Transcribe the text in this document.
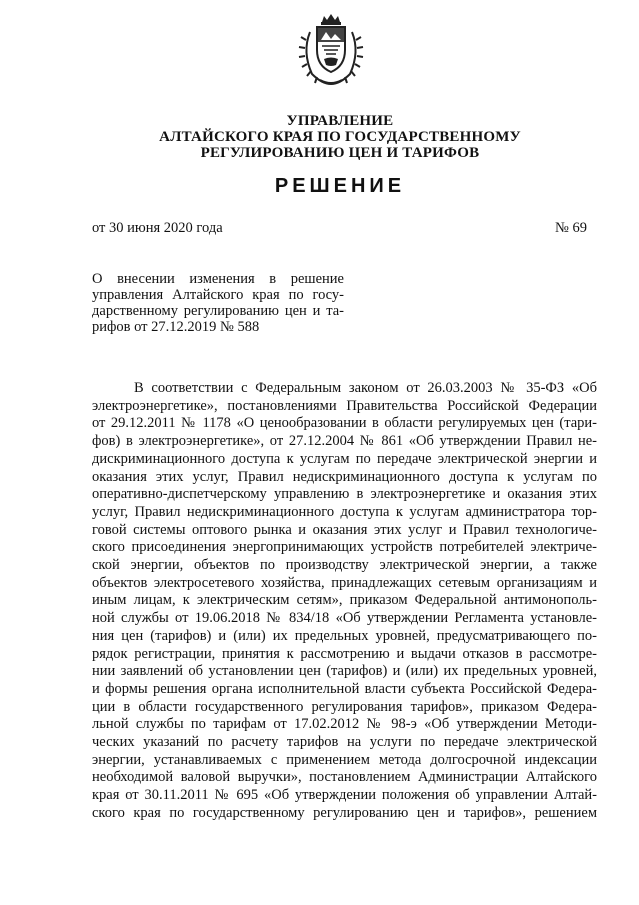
УПРАВЛЕНИЕ
АЛТАЙСКОГО КРАЯ ПО ГОСУДАРСТВЕННОМУ
РЕГУЛИРОВАНИЮ ЦЕН И ТАРИФОВ
РЕШЕНИЕ
от 30 июня 2020 года	№ 69
О внесении изменения в решение
управления Алтайского края по госу-
дарственному регулированию цен и та-
рифов от 27.12.2019 № 588
В соответствии с Федеральным законом от 26.03.2003 № 35-ФЗ «Об
электроэнергетике», постановлениями Правительства Российской Федерации
от 29.12.2011 № 1178 «О ценообразовании в области регулируемых цен (тари-
фов) в электроэнергетике», от 27.12.2004 № 861 «Об утверждении Правил не-
дискриминационного доступа к услугам по передаче электрической энергии и
оказания этих услуг, Правил недискриминационного доступа к услугам по
оперативно-диспетчерскому управлению в электроэнергетике и оказания этих
услуг, Правил недискриминационного доступа к услугам администратора тор-
говой системы оптового рынка и оказания этих услуг и Правил технологиче-
ского присоединения энергопринимающих устройств потребителей электриче-
ской энергии, объектов по производству электрической энергии, а также
объектов электросетевого хозяйства, принадлежащих сетевым организациям и
иным лицам, к электрическим сетям», приказом Федеральной антимонополь-
ной службы от 19.06.2018 № 834/18 «Об утверждении Регламента установле-
ния цен (тарифов) и (или) их предельных уровней, предусматривающего по-
рядок регистрации, принятия к рассмотрению и выдачи отказов в рассмотре-
нии заявлений об установлении цен (тарифов) и (или) их предельных уровней,
и формы решения органа исполнительной власти субъекта Российской Федера-
ции в области государственного регулирования тарифов», приказом Федера-
льной службы по тарифам от 17.02.2012 № 98-э «Об утверждении Методи-
ческих указаний по расчету тарифов на услуги по передаче электрической
энергии, устанавливаемых с применением метода долгосрочной индексации
необходимой валовой выручки», постановлением Администрации Алтайского
края от 30.11.2011 № 695 «Об утверждении положения об управлении Алтай-
ского края по государственному регулированию цен и тарифов», решением
